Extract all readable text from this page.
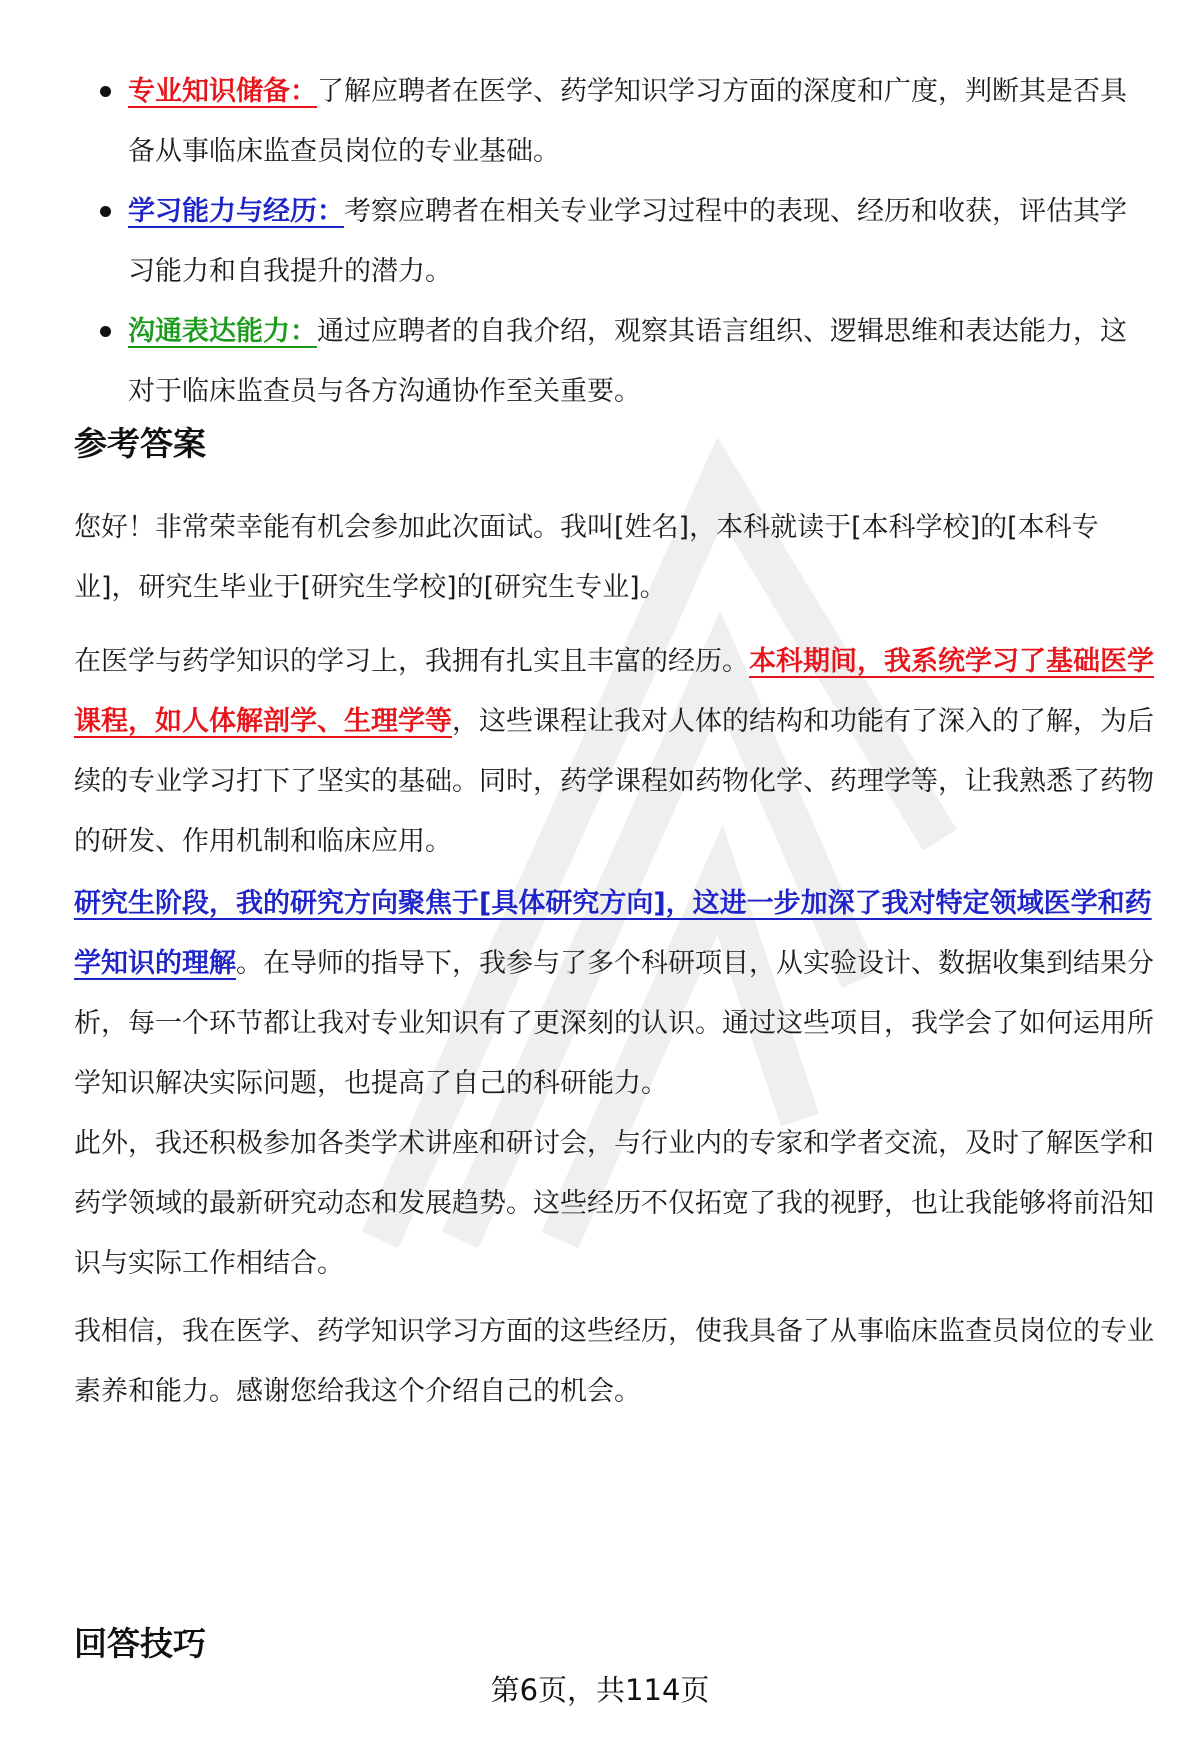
专业知识储备：了解应聘者在医学、药学知识学习方面的深度和广度，判断其是否具备从事临床监查员岗位的专业基础。
学习能力与经历：考察应聘者在相关专业学习过程中的表现、经历和收获，评估其学习能力和自我提升的潜力。
沟通表达能力：通过应聘者的自我介绍，观察其语言组织、逻辑思维和表达能力，这对于临床监查员与各方沟通协作至关重要。
参考答案

您好！非常荣幸能有机会参加此次面试。我叫[姓名]，本科就读于[本科学校]的[本科专业]，研究生毕业于[研究生学校]的[研究生专业]。

在医学与药学知识的学习上，我拥有扎实且丰富的经历。本科期间，我系统学习了基础医学课程，如人体解剖学、生理学等，这些课程让我对人体的结构和功能有了深入的了解，为后续的专业学习打下了坚实的基础。同时，药学课程如药物化学、药理学等，让我熟悉了药物的研发、作用机制和临床应用。

研究生阶段，我的研究方向聚焦于[具体研究方向]，这进一步加深了我对特定领域医学和药学知识的理解。在导师的指导下，我参与了多个科研项目，从实验设计、数据收集到结果分析，每一个环节都让我对专业知识有了更深刻的认识。通过这些项目，我学会了如何运用所学知识解决实际问题，也提高了自己的科研能力。

此外，我还积极参加各类学术讲座和研讨会，与行业内的专家和学者交流，及时了解医学和药学领域的最新研究动态和发展趋势。这些经历不仅拓宽了我的视野，也让我能够将前沿知识与实际工作相结合。

我相信，我在医学、药学知识学习方面的这些经历，使我具备了从事临床监查员岗位的专业素养和能力。感谢您给我这个介绍自己的机会。

回答技巧
第6页，共114页
